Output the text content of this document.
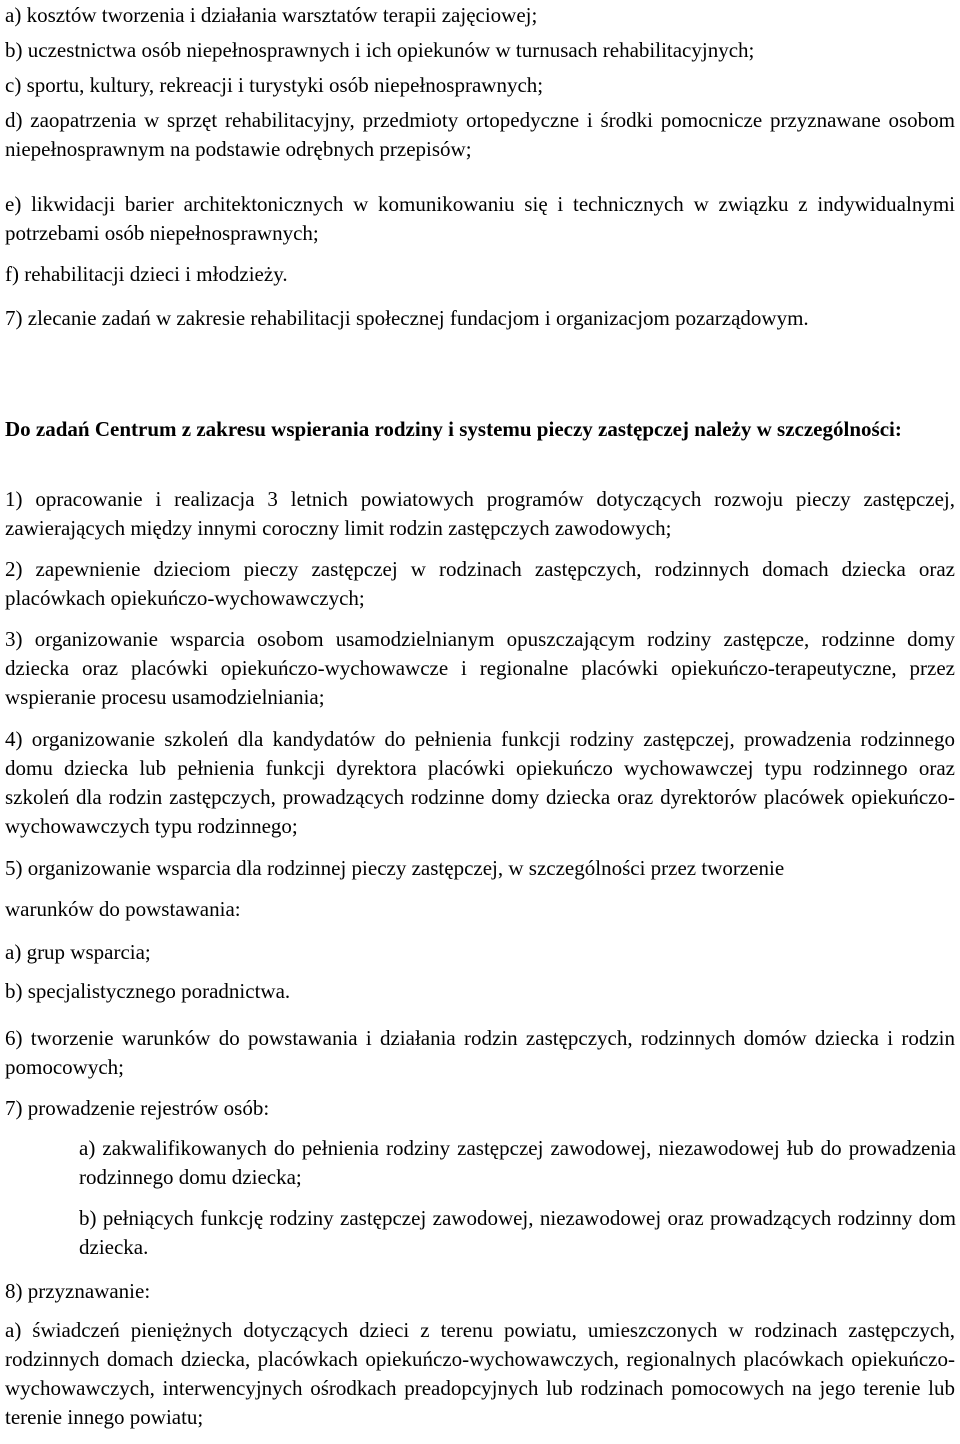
a) kosztów tworzenia i działania warsztatów terapii zajęciowej;

b) uczestnictwa osób niepełnosprawnych i ich opiekunów w turnusach rehabilitacyjnych;

c) sportu, kultury, rekreacji i turystyki osób niepełnosprawnych;

d) zaopatrzenia w sprzęt rehabilitacyjny, przedmioty ortopedyczne i środki pomocnicze przyznawane osobom niepełnosprawnym na podstawie odrębnych przepisów;

e) likwidacji barier architektonicznych w komunikowaniu się i technicznych w związku z indywidualnymi potrzebami osób niepełnosprawnych;

f) rehabilitacji dzieci i młodzieży.

7) zlecanie zadań w zakresie rehabilitacji społecznej fundacjom i organizacjom pozarządowym.

Do zadań Centrum z zakresu wspierania rodziny i systemu pieczy zastępczej należy w szczególności:

1) opracowanie i realizacja 3 letnich powiatowych programów dotyczących rozwoju pieczy zastępczej, zawierających między innymi coroczny limit rodzin zastępczych zawodowych;

2) zapewnienie dzieciom pieczy zastępczej w rodzinach zastępczych, rodzinnych domach dziecka oraz placówkach opiekuńczo-wychowawczych;

3) organizowanie wsparcia osobom usamodzielnianym opuszczającym rodziny zastępcze, rodzinne domy dziecka oraz placówki opiekuńczo-wychowawcze i regionalne placówki opiekuńczo-terapeutyczne, przez wspieranie procesu usamodzielniania;

4) organizowanie szkoleń dla kandydatów do pełnienia funkcji rodziny zastępczej, prowadzenia rodzinnego domu dziecka lub pełnienia funkcji dyrektora placówki opiekuńczo wychowawczej typu rodzinnego oraz szkoleń dla rodzin zastępczych, prowadzących rodzinne domy dziecka oraz dyrektorów placówek opiekuńczo-wychowawczych typu rodzinnego;

5) organizowanie wsparcia dla rodzinnej pieczy zastępczej, w szczególności przez tworzenie

warunków do powstawania:

a) grup wsparcia;

b) specjalistycznego poradnictwa.

6) tworzenie warunków do powstawania i działania rodzin zastępczych, rodzinnych domów dziecka i rodzin pomocowych;

7) prowadzenie rejestrów osób:

a) zakwalifikowanych do pełnienia rodziny zastępczej zawodowej, niezawodowej łub do prowadzenia rodzinnego domu dziecka;

b) pełniących funkcję rodziny zastępczej zawodowej, niezawodowej oraz prowadzących rodzinny dom dziecka.

8) przyznawanie:

a) świadczeń pieniężnych dotyczących dzieci z terenu powiatu, umieszczonych w rodzinach zastępczych, rodzinnych domach dziecka, placówkach opiekuńczo-wychowawczych, regionalnych placówkach opiekuńczo-wychowawczych, interwencyjnych ośrodkach preadopcyjnych lub rodzinach pomocowych na jego terenie lub terenie innego powiatu;
